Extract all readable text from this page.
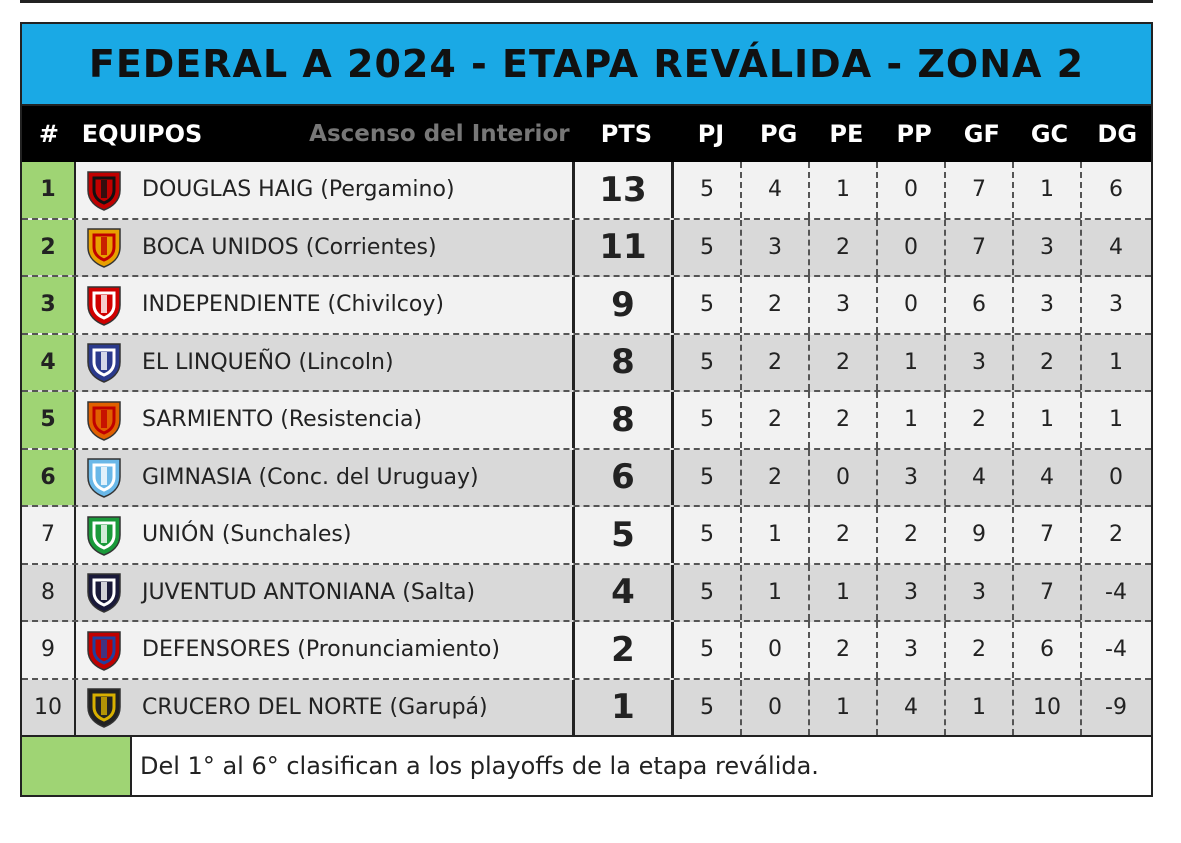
FEDERAL A 2024 - ETAPA REVÁLIDA - ZONA 2
# EQUIPOS	Ascenso del Interior	PTS	PJ	PG	PE	PP	GF	GC	DG
1	DOUGLAS HAIG (Pergamino)	13	5	4	1	0	7	1	6
2	BOCA UNIDOS (Corrientes)	11	5	3	2	0	7	3	4
3	INDEPENDIENTE (Chivilcoy)	9	5	2	3	0	6	3	3
4	EL LINQUEÑO (Lincoln)	8	5	2	2	1	3	2	1
5	SARMIENTO (Resistencia)	8	5	2	2	1	2	1	1
6	GIMNASIA (Conc. del Uruguay)	6	5	2	0	3	4	4	0
7	UNIÓN (Sunchales)	5	5	1	2	2	9	7	2
8	JUVENTUD ANTONIANA (Salta)	4	5	1	1	3	3	7	-4
9	DEFENSORES (Pronunciamiento)	2	5	0	2	3	2	6	-4
10	CRUCERO DEL NORTE (Garupá)	1	5	0	1	4	1	10	-9
Del 1° al 6° clasifican a los playoffs de la etapa reválida.
